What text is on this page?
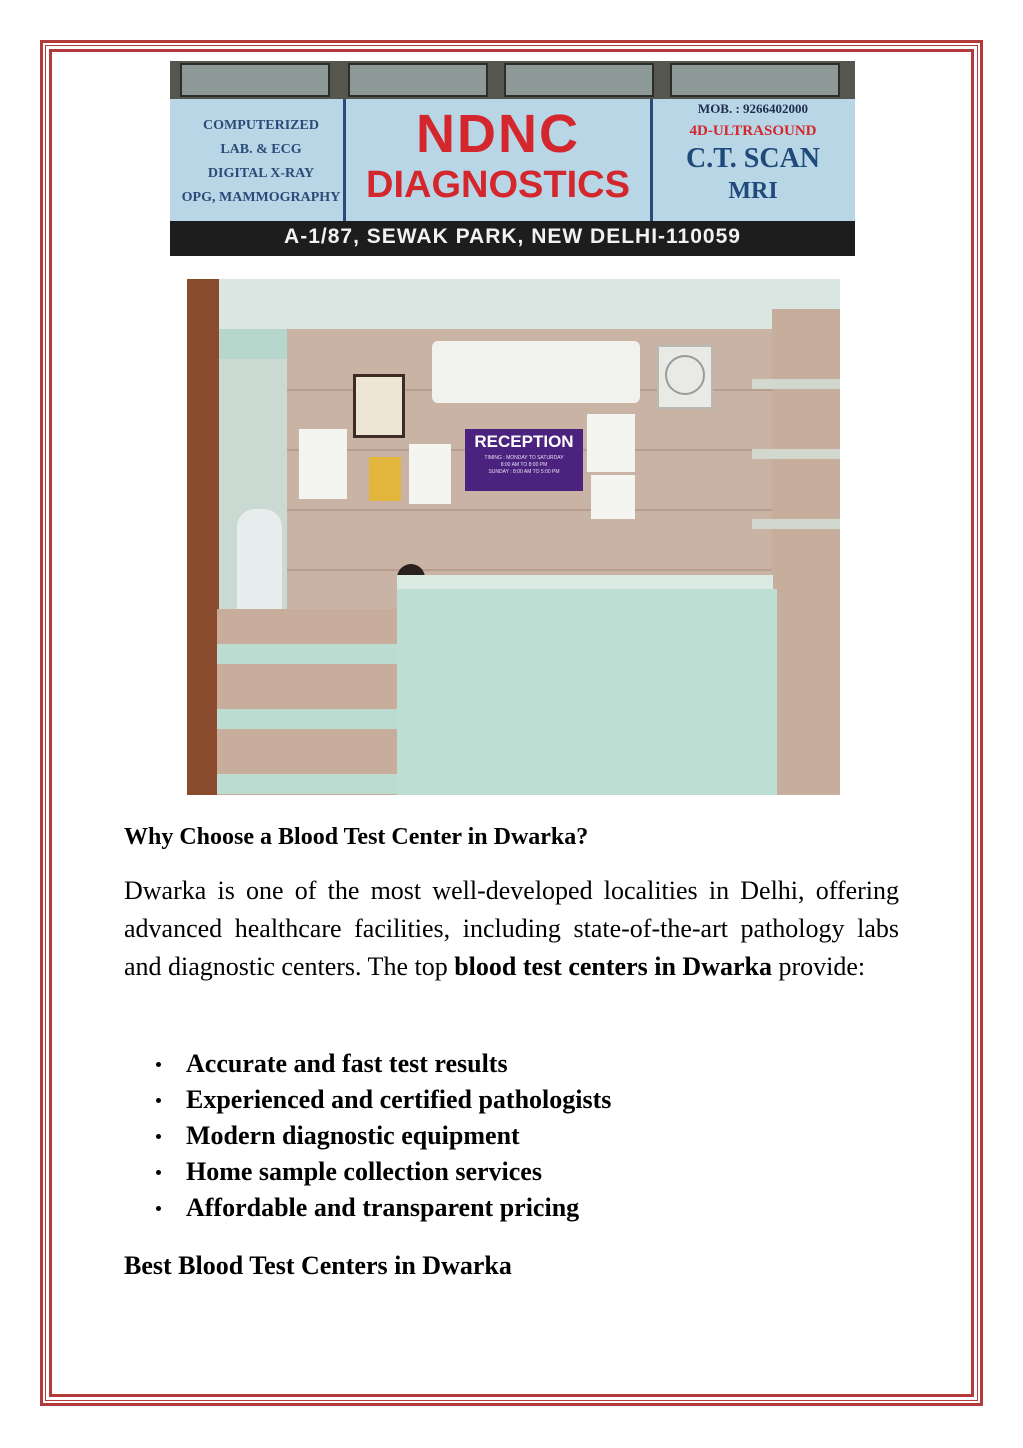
COMPUTERIZED
LAB. & ECG
DIGITAL X-RAY
OPG, MAMMOGRAPHY
NDNC
DIAGNOSTICS
MOB. : 9266402000
4D-ULTRASOUND
C.T. SCAN
MRI
A-1/87, SEWAK PARK, NEW DELHI-110059
RECEPTION
TIMING : MONDAY TO SATURDAY
8:00 AM TO 8:00 PM
SUNDAY : 8:00 AM TO 5:00 PM
Why Choose a Blood Test Center in Dwarka?

Dwarka is one of the most well-developed localities in Delhi, offering advanced healthcare facilities, including state-of-the-art pathology labs and diagnostic centers. The top blood test centers in Dwarka provide:

Accurate and fast test results
Experienced and certified pathologists
Modern diagnostic equipment
Home sample collection services
Affordable and transparent pricing
Best Blood Test Centers in Dwarka
